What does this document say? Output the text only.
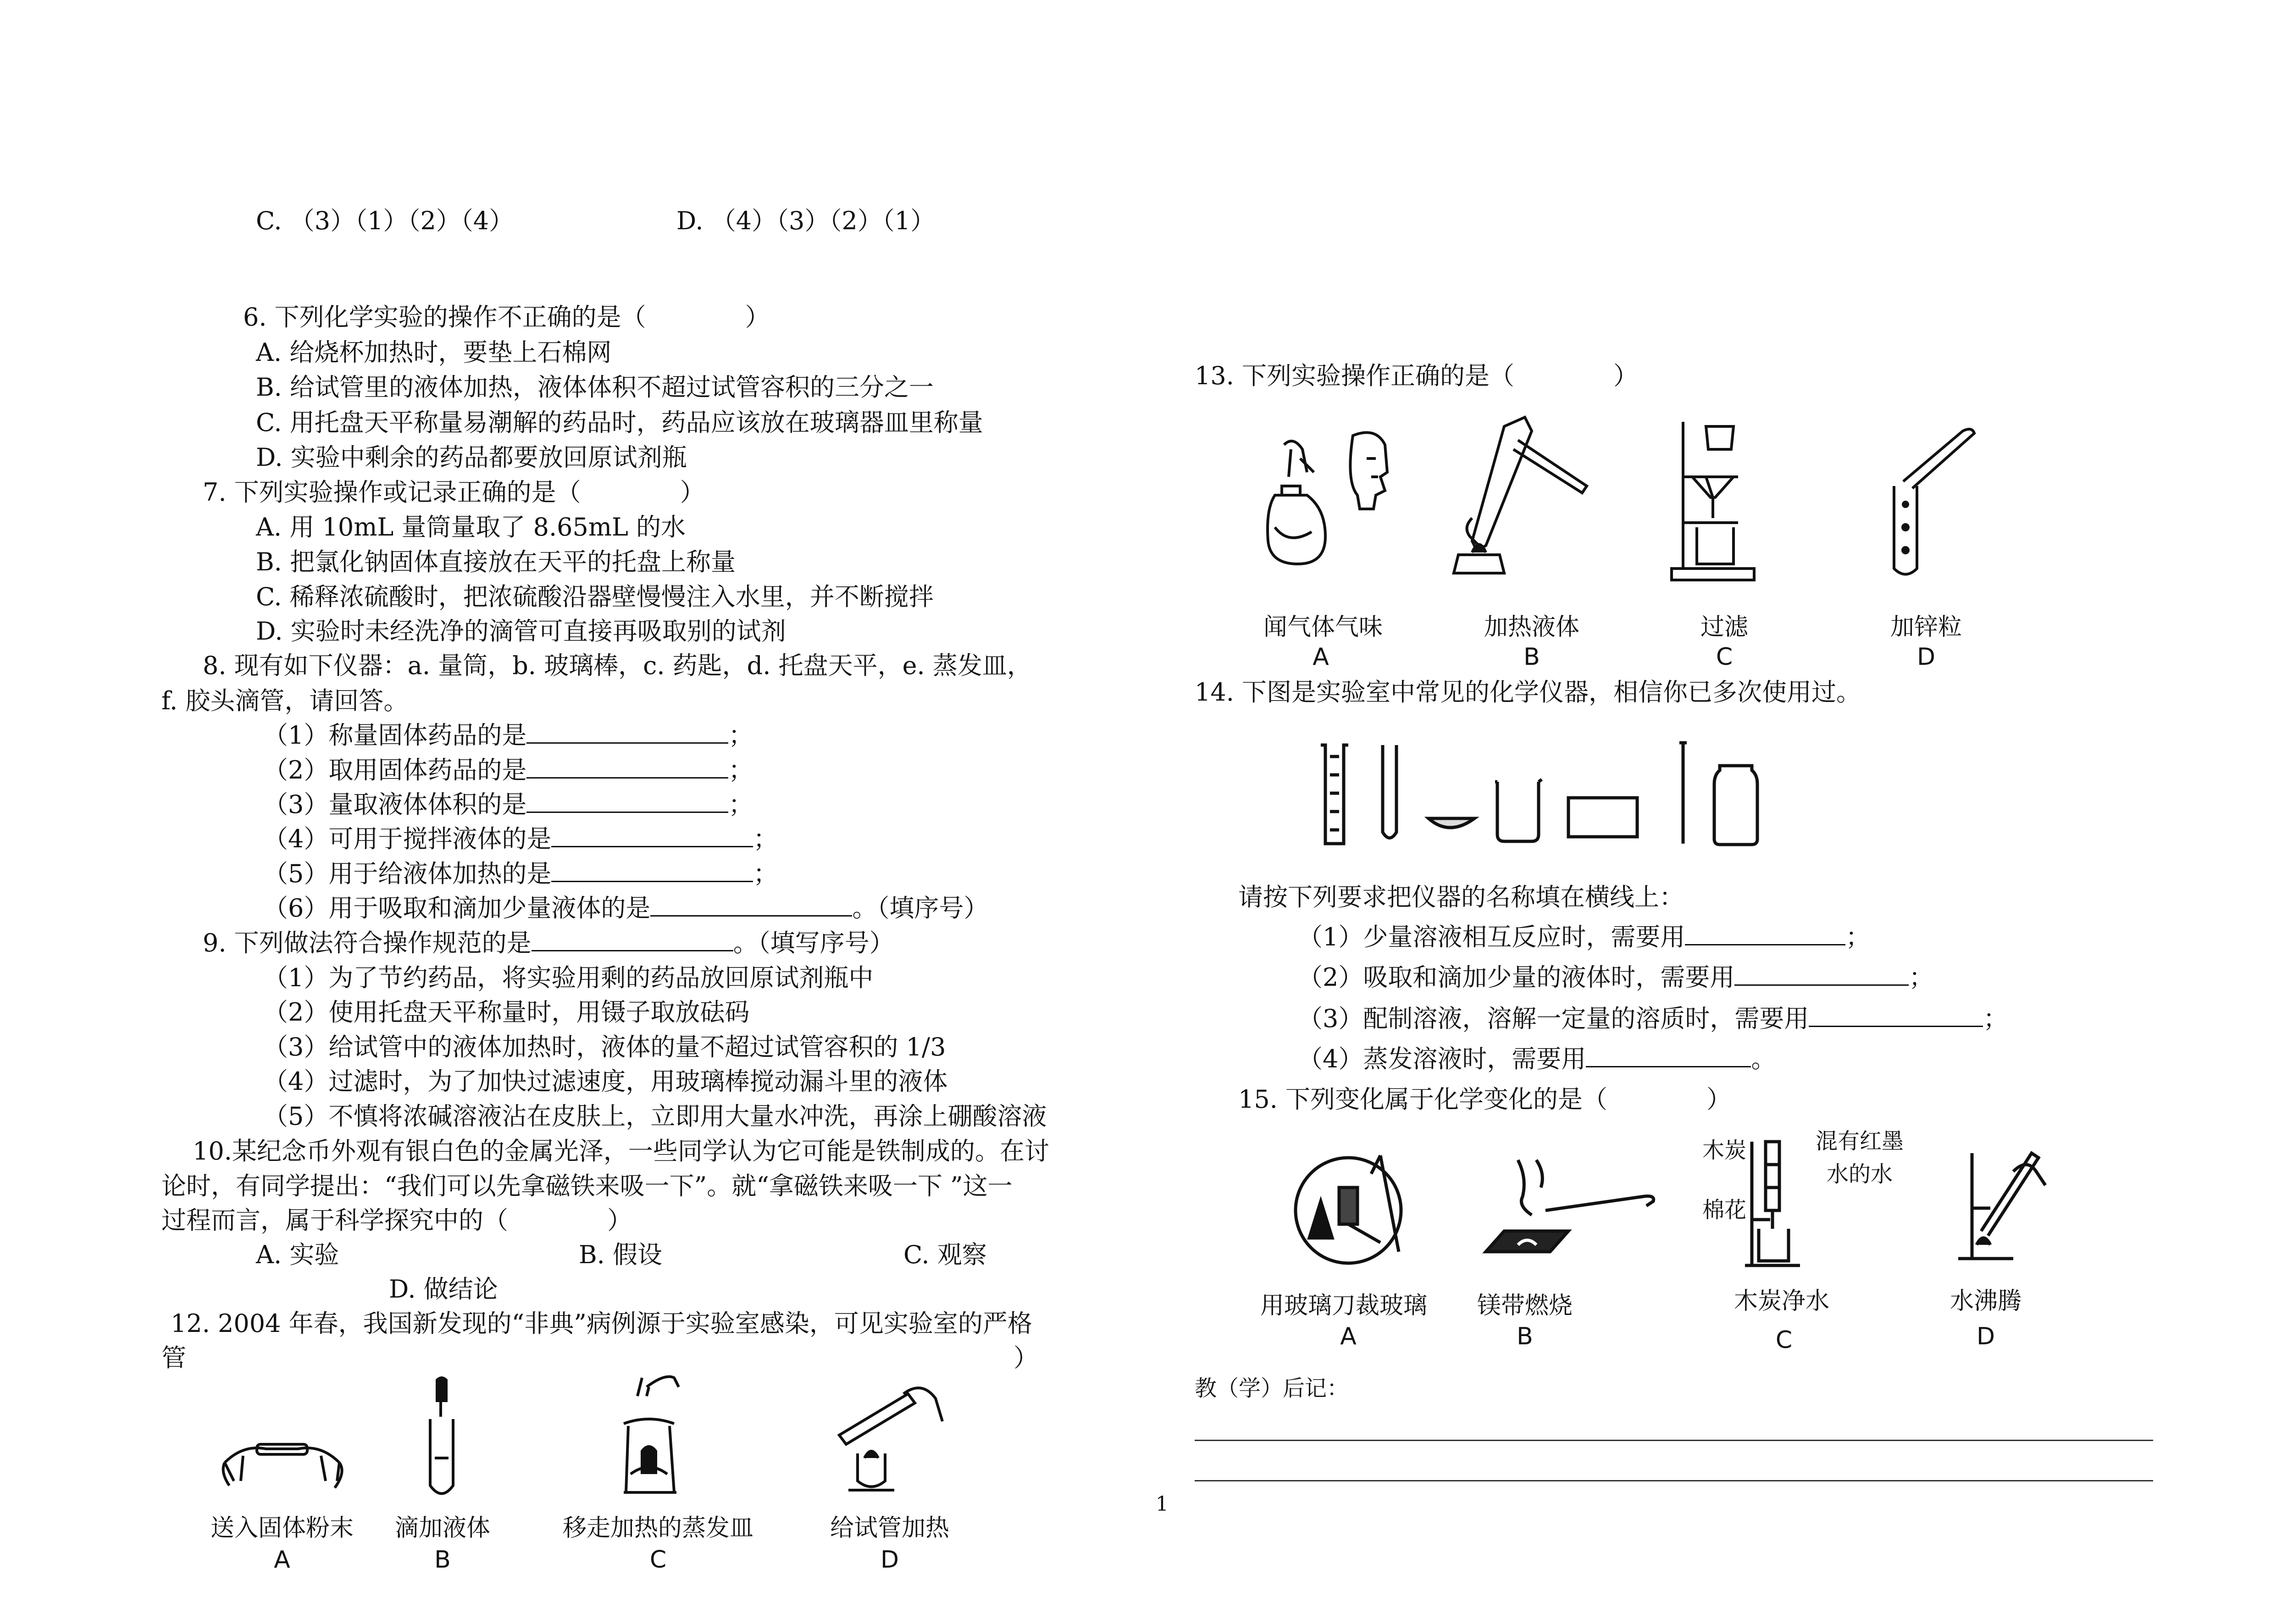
C. （3）（1）（2）（4）	D. （4）（3）（2）（1）
6. 下列化学实验的操作不正确的是（　　　　）
A. 给烧杯加热时，要垫上石棉网
B. 给试管里的液体加热，液体体积不超过试管容积的三分之一
C. 用托盘天平称量易潮解的药品时，药品应该放在玻璃器皿里称量
D. 实验中剩余的药品都要放回原试剂瓶
7. 下列实验操作或记录正确的是（　　　　）
A. 用 10mL 量筒量取了 8.65mL 的水
B. 把氯化钠固体直接放在天平的托盘上称量
C. 稀释浓硫酸时，把浓硫酸沿器壁慢慢注入水里，并不断搅拌
D. 实验时未经洗净的滴管可直接再吸取别的试剂
8. 现有如下仪器：a. 量筒，b. 玻璃棒，c. 药匙，d. 托盘天平，e. 蒸发皿，
f. 胶头滴管，请回答。
（1）称量固体药品的是	；
（2）取用固体药品的是	；
（3）量取液体体积的是	；
（4）可用于搅拌液体的是	；
（5）用于给液体加热的是	；
（6）用于吸取和滴加少量液体的是	。（填序号）
9. 下列做法符合操作规范的是	。（填写序号）
（1）为了节约药品，将实验用剩的药品放回原试剂瓶中
（2）使用托盘天平称量时，用镊子取放砝码
（3）给试管中的液体加热时，液体的量不超过试管容积的 1/3
（4）过滤时，为了加快过滤速度，用玻璃棒搅动漏斗里的液体
（5）不慎将浓碱溶液沾在皮肤上，立即用大量水冲洗，再涂上硼酸溶液
10.某纪念币外观有银白色的金属光泽，一些同学认为它可能是铁制成的。在讨
论时，有同学提出：“我们可以先拿磁铁来吸一下”。就“拿磁铁来吸一下 ”这一
过程而言，属于科学探究中的（　　　　）
A. 实验	B. 假设	C. 观察
D. 做结论
12. 2004 年春，我国新发现的“非典”病例源于实验室感染，可见实验室的严格
管	）
送入固体粉末	滴加液体	移走加热的蒸发皿	给试管加热
A	B	C	D
1
13. 下列实验操作正确的是（　　　　）
闻气体气味	加热液体	过滤	加锌粒
A	B	C	D
14. 下图是实验室中常见的化学仪器，相信你已多次使用过。
请按下列要求把仪器的名称填在横线上：
（1）少量溶液相互反应时，需要用	；
（2）吸取和滴加少量的液体时，需要用	；
（3）配制溶液，溶解一定量的溶质时，需要用	；
（4）蒸发溶液时，需要用	。
15. 下列变化属于化学变化的是（　　　　）
木炭
棉花
混有红墨
水的水
用玻璃刀裁玻璃	镁带燃烧	木炭净水	水沸腾
A	B	C	D
教（学）后记：
